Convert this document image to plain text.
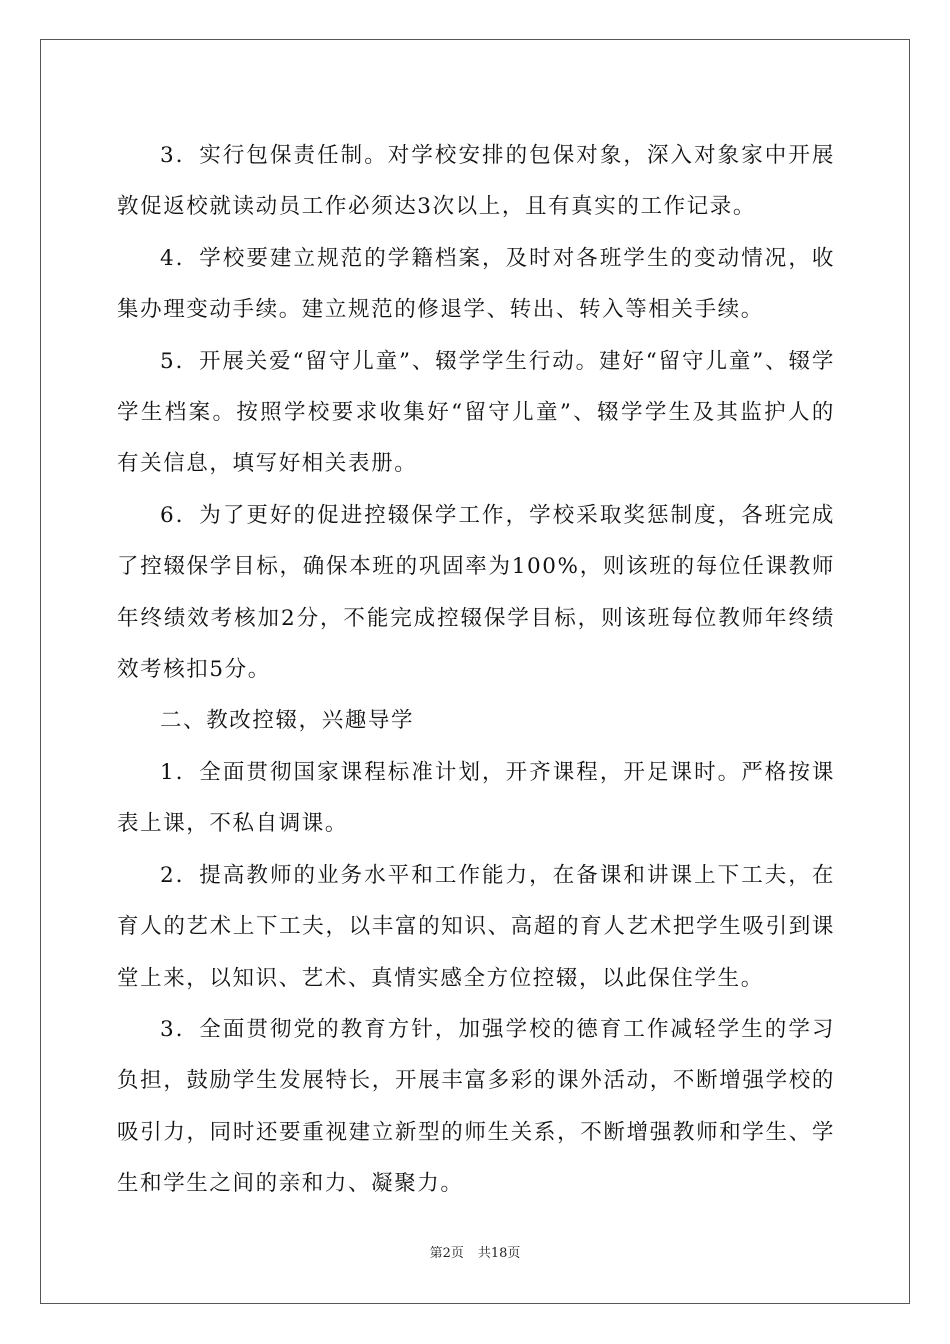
3．实行包保责任制。对学校安排的包保对象，深入对象家中开展敦促返校就读动员工作必须达3次以上，且有真实的工作记录。

4．学校要建立规范的学籍档案，及时对各班学生的变动情况，收集办理变动手续。建立规范的修退学、转出、转入等相关手续。

5．开展关爱“留守儿童”、辍学学生行动。建好“留守儿童”、辍学学生档案。按照学校要求收集好“留守儿童”、辍学学生及其监护人的有关信息，填写好相关表册。

6．为了更好的促进控辍保学工作，学校采取奖惩制度，各班完成了控辍保学目标，确保本班的巩固率为100%，则该班的每位任课教师年终绩效考核加2分，不能完成控辍保学目标，则该班每位教师年终绩效考核扣5分。

二、教改控辍，兴趣导学

1．全面贯彻国家课程标准计划，开齐课程，开足课时。严格按课表上课，不私自调课。

2．提高教师的业务水平和工作能力，在备课和讲课上下工夫，在育人的艺术上下工夫，以丰富的知识、高超的育人艺术把学生吸引到课堂上来，以知识、艺术、真情实感全方位控辍，以此保住学生。

3．全面贯彻党的教育方针，加强学校的德育工作减轻学生的学习负担，鼓励学生发展特长，开展丰富多彩的课外活动，不断增强学校的吸引力，同时还要重视建立新型的师生关系，不断增强教师和学生、学生和学生之间的亲和力、凝聚力。

第2页 共18页
